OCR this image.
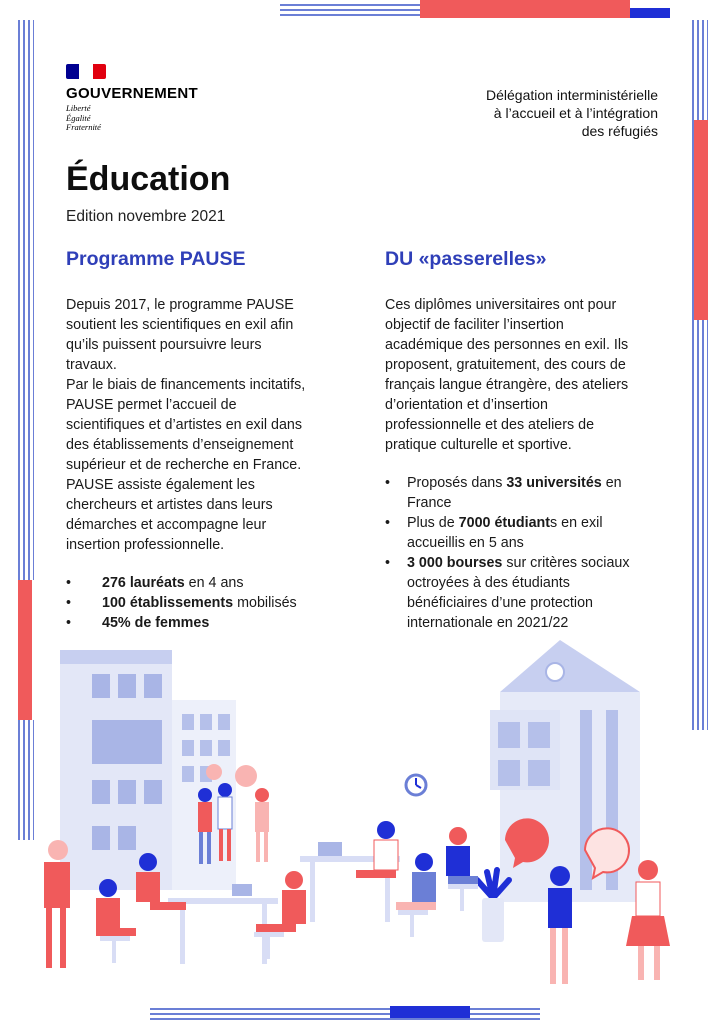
GOUVERNEMENT
Liberté
Égalité
Fraternité
Délégation interministérielle
à l’accueil et à l’intégration
des réfugiés
Éducation
Edition novembre 2021
Programme PAUSE

Depuis 2017, le programme PAUSE
soutient les scientifiques en exil afin
qu’ils puissent poursuivre leurs
travaux.

Par le biais de financements incitatifs,
PAUSE permet l’accueil de
scientifiques et d’artistes en exil dans
des établissements d’enseignement
supérieur et de recherche en France.

PAUSE assiste également les
chercheurs et artistes dans leurs
démarches et accompagne leur
insertion professionnelle.

• 276 lauréats en 4 ans
• 100 établissements mobilisés
• 45% de femmes
DU «passerelles»

Ces diplômes universitaires ont pour
objectif de faciliter l’insertion
académique des personnes en exil. Ils
proposent, gratuitement, des cours de
français langue étrangère, des ateliers
d’orientation et d’insertion
professionnelle et des ateliers de
pratique culturelle et sportive.

• Proposés dans 33 universités en
France
• Plus de 7000 étudiants en exil
accueillis en 5 ans
• 3 000 bourses sur critères sociaux
octroyées à des étudiants
bénéficiaires d’une protection
internationale en 2021/22
